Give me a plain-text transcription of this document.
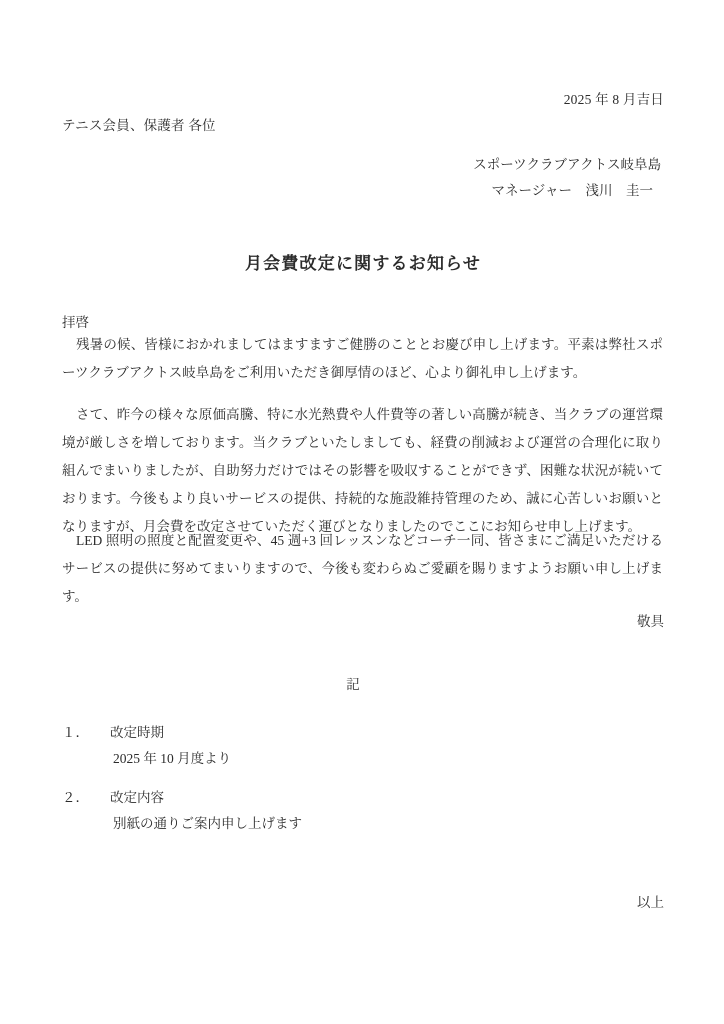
2025 年 8 月吉日
テニス会員、保護者 各位
スポーツクラブアクトス岐阜島
マネージャー　浅川　圭一
月会費改定に関するお知らせ
拝啓
残暑の候、皆様におかれましてはますますご健勝のこととお慶び申し上げます。平素は弊社スポーツクラブアクトス岐阜島をご利用いただき御厚情のほど、心より御礼申し上げます。
さて、昨今の様々な原価高騰、特に水光熱費や人件費等の著しい高騰が続き、当クラブの運営環境が厳しさを増しております。当クラブといたしましても、経費の削減および運営の合理化に取り組んでまいりましたが、自助努力だけではその影響を吸収することができず、困難な状況が続いております。今後もより良いサービスの提供、持続的な施設維持管理のため、誠に心苦しいお願いとなりますが、月会費を改定させていただく運びとなりましたのでここにお知らせ申し上げます。
LED 照明の照度と配置変更や、45 週+3 回レッスンなどコーチ一同、皆さまにご満足いただけるサービスの提供に努めてまいりますので、今後も変わらぬご愛顧を賜りますようお願い申し上げます。
敬具
記
１． 改定時期
2025 年 10 月度より
２． 改定内容
別紙の通りご案内申し上げます
以上
